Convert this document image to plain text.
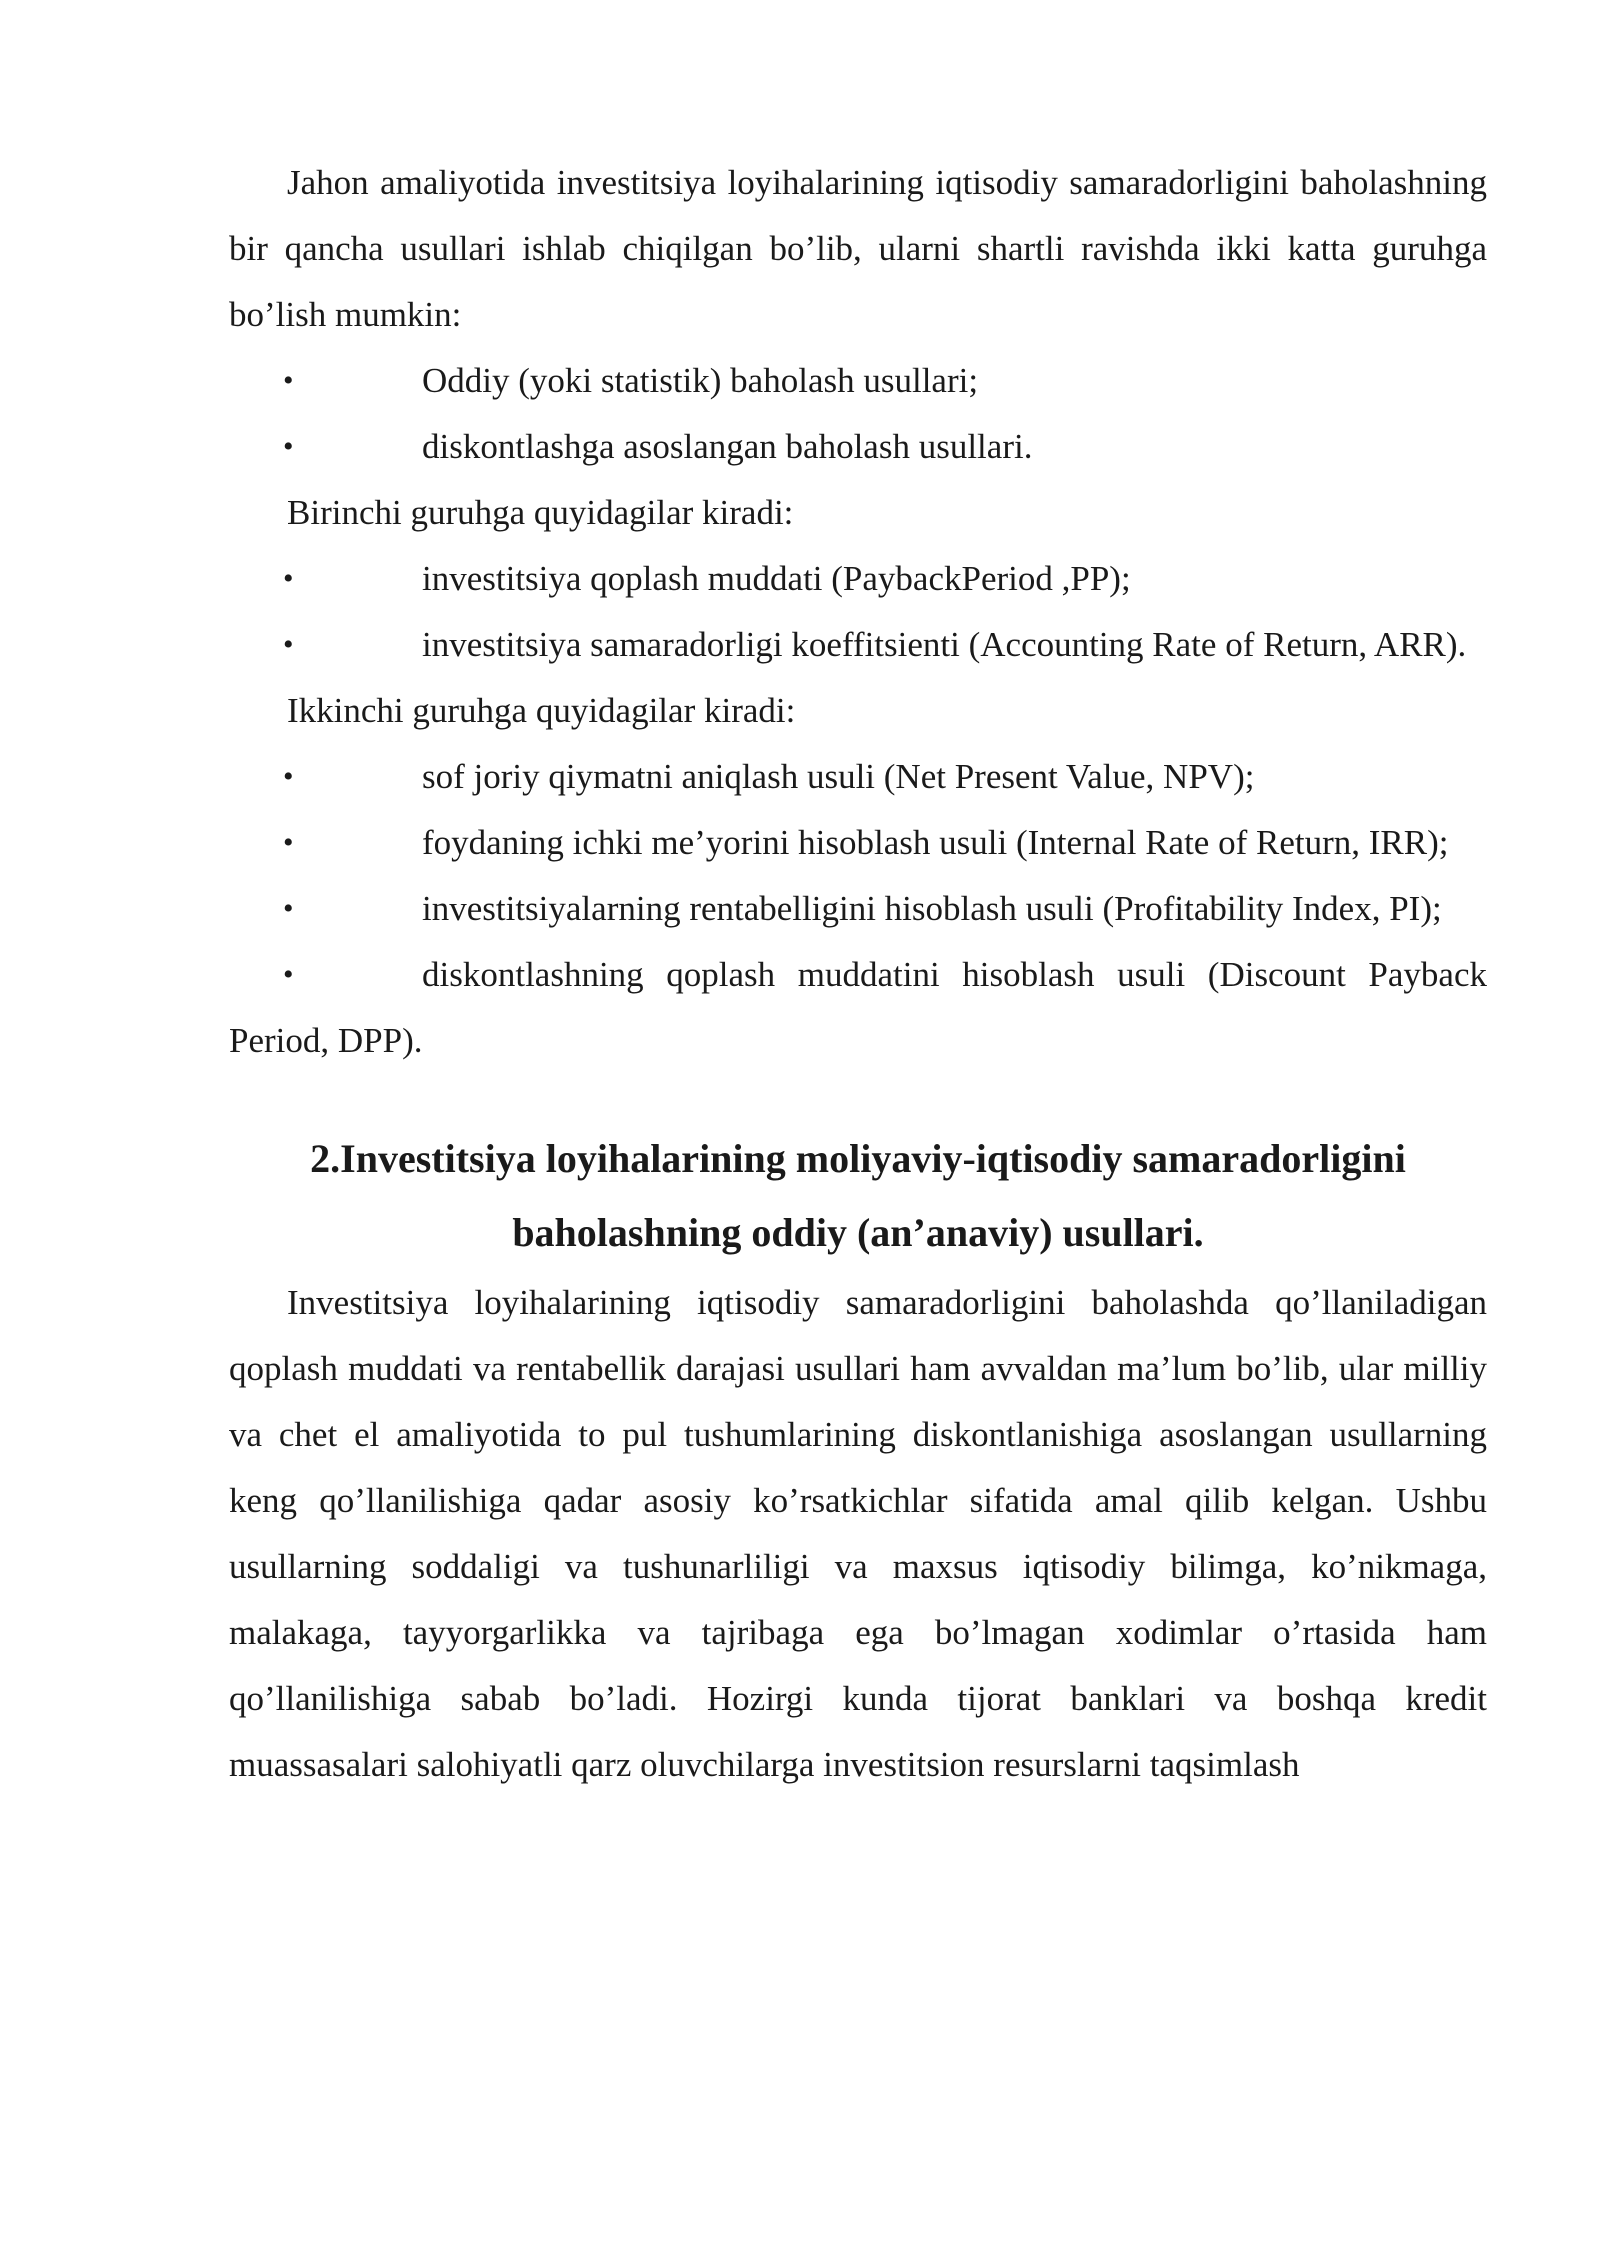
Jahon amaliyotida investitsiya loyihalarining iqtisodiy samaradorligini baholashning bir qancha usullari ishlab chiqilgan bo’lib, ularni shartli ravishda ikki katta guruhga bo’lish mumkin:

•	Oddiy (yoki statistik) baholash usullari;
•	diskontlashga asoslangan baholash usullari.

Birinchi guruhga quyidagilar kiradi:

•	investitsiya qoplash muddati (PaybackPeriod ,PP);
•	investitsiya samaradorligi koeffitsienti (Accounting Rate of Return, ARR).

Ikkinchi guruhga quyidagilar kiradi:

•	sof joriy qiymatni aniqlash usuli (Net Present Value, NPV);
•	foydaning ichki me’yorini hisoblash usuli (Internal Rate of Return, IRR);
•	investitsiyalarning rentabelligini hisoblash usuli (Profitability Index, PI);
•	diskontlashning qoplash muddatini hisoblash usuli (Discount Payback Period, DPP).
2.Investitsiya loyihalarining moliyaviy-iqtisodiy samaradorligini
baholashning oddiy (an’anaviy) usullari.

Investitsiya loyihalarining iqtisodiy samaradorligini baholashda qo’llaniladigan qoplash muddati va rentabellik darajasi usullari ham avvaldan ma’lum bo’lib, ular milliy va chet el amaliyotida to pul tushumlarining diskontlanishiga asoslangan usullarning keng qo’llanilishiga qadar asosiy ko’rsatkichlar sifatida amal qilib kelgan. Ushbu usullarning soddaligi va tushunarliligi va maxsus iqtisodiy bilimga, ko’nikmaga, malakaga, tayyorgarlikka va tajribaga ega bo’lmagan xodimlar o’rtasida ham qo’llanilishiga sabab bo’ladi. Hozirgi kunda tijorat banklari va boshqa kredit muassasalari salohiyatli qarz oluvchilarga investitsion resurslarni taqsimlash
